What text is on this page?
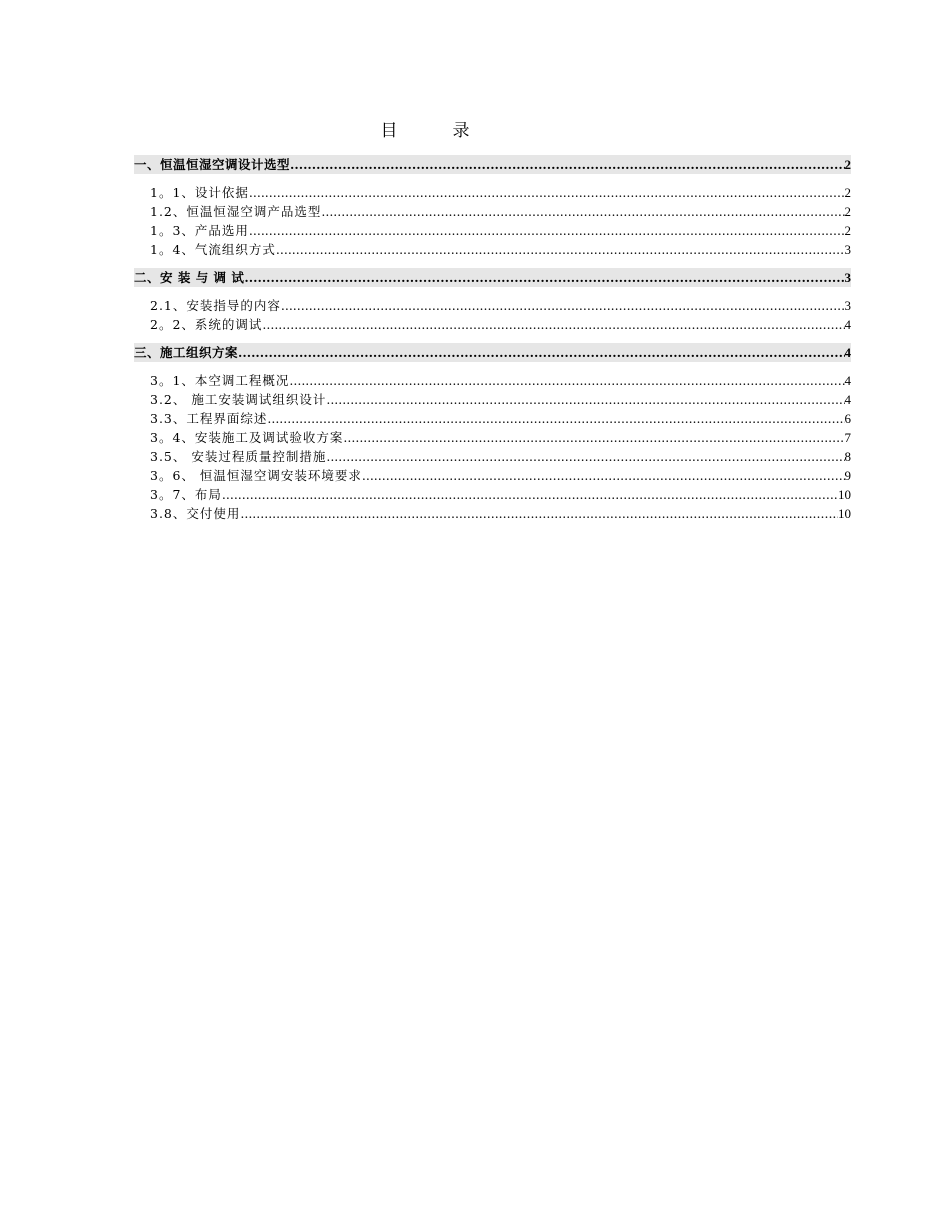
目	录
一、恒温恒湿空调设计选型 .....	2
1。1、设计依据 .....	2
1.2、恒温恒湿空调产品选型 .....	2
1。3、产品选用 .....	2
1。4、气流组织方式 .....	3
二、安 装 与 调 试 .....	3
2.1、安装指导的内容 .....	3
2。2、系统的调试 .....	4
三、施工组织方案 .....	4
3。1、本空调工程概况 .....	4
3.2、 施工安装调试组织设计 .....	4
3.3、工程界面综述 .....	6
3。4、安装施工及调试验收方案 .....	7
3.5、 安装过程质量控制措施 .....	8
3。6、 恒温恒湿空调安装环境要求 .....	9
3。7、布局 .....	10
3.8、交付使用 .....	10
